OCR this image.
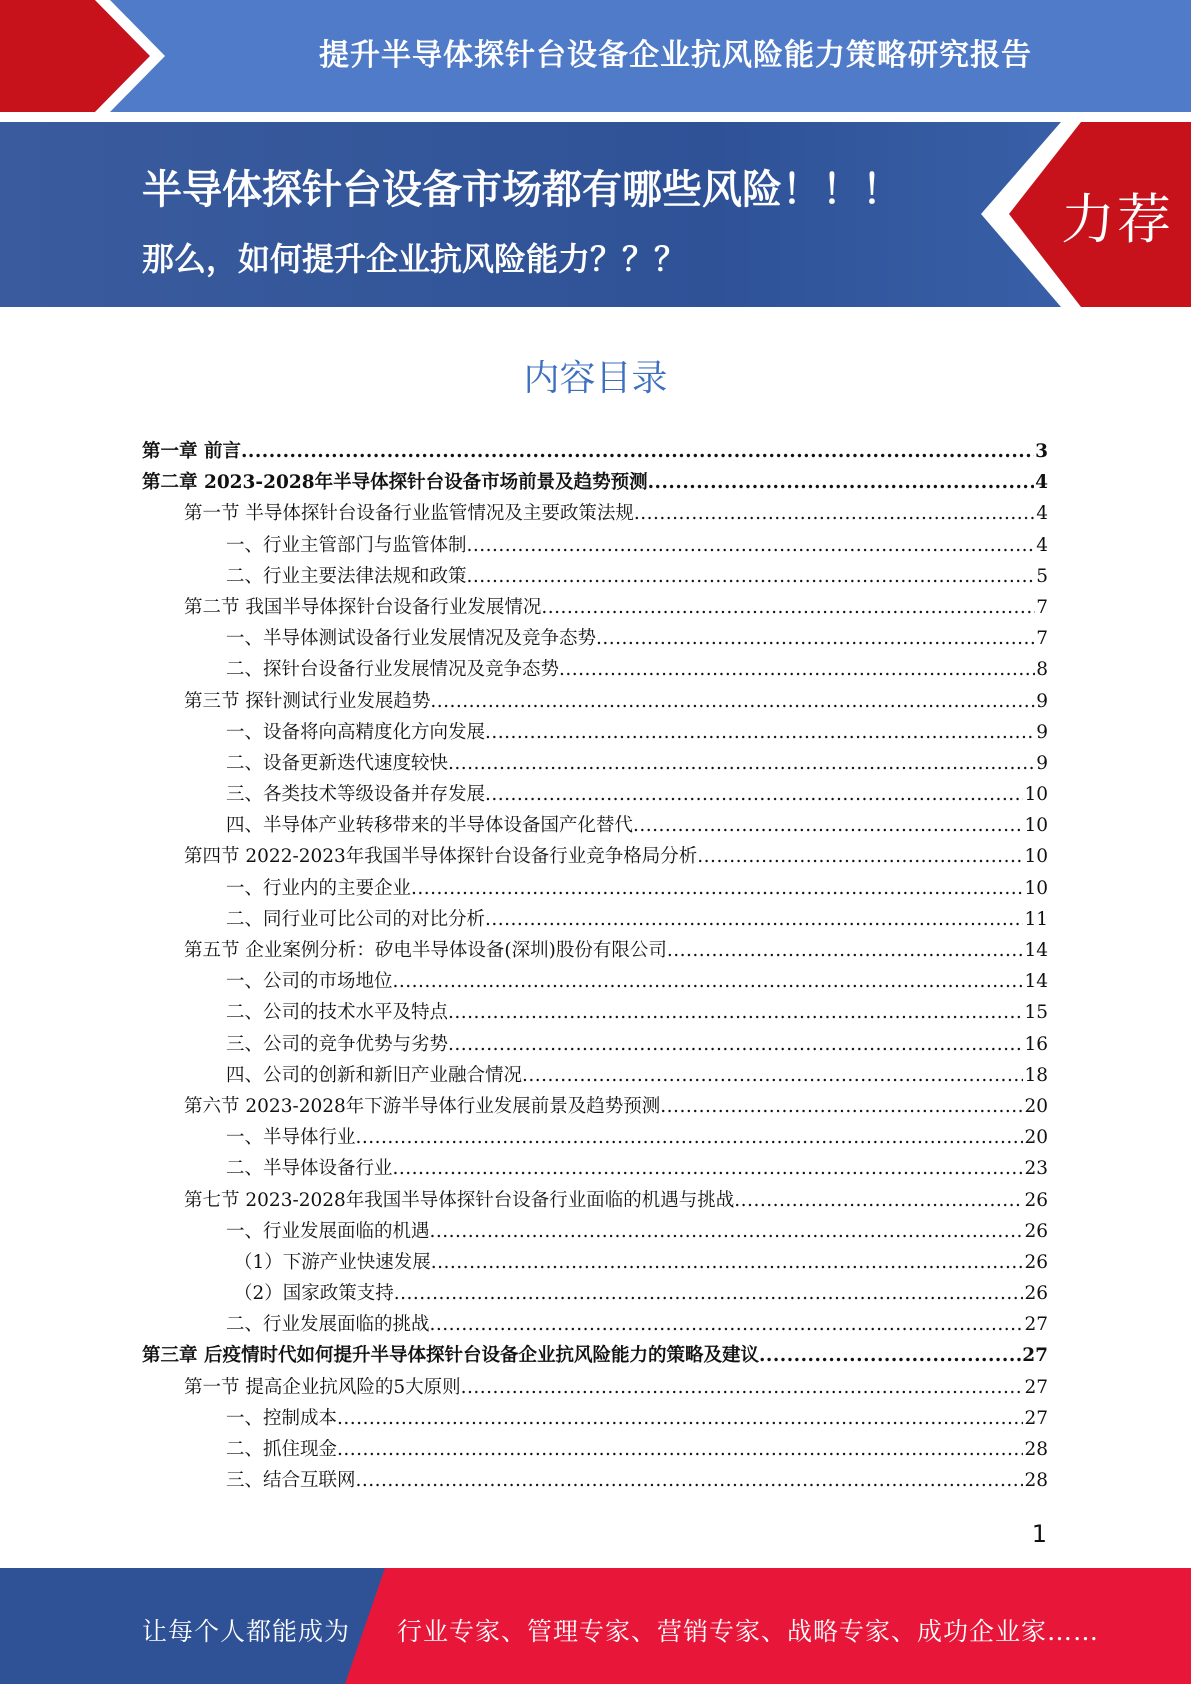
提升半导体探针台设备企业抗风险能力策略研究报告
半导体探针台设备市场都有哪些风险！！！
那么，如何提升企业抗风险能力？？？
力荐
内容目录
第一章 前言 .....	3
第二章 2023-2028年半导体探针台设备市场前景及趋势预测 .....	4
第一节 半导体探针台设备行业监管情况及主要政策法规 .....	4
一、行业主管部门与监管体制 .....	4
二、行业主要法律法规和政策 .....	5
第二节 我国半导体探针台设备行业发展情况 .....	7
一、半导体测试设备行业发展情况及竞争态势 .....	7
二、探针台设备行业发展情况及竞争态势 .....	8
第三节 探针测试行业发展趋势 .....	9
一、设备将向高精度化方向发展 .....	9
二、设备更新迭代速度较快 .....	9
三、各类技术等级设备并存发展 .....	10
四、半导体产业转移带来的半导体设备国产化替代 .....	10
第四节 2022-2023年我国半导体探针台设备行业竞争格局分析 .....	10
一、行业内的主要企业 .....	10
二、同行业可比公司的对比分析 .....	11
第五节 企业案例分析：矽电半导体设备(深圳)股份有限公司 .....	14
一、公司的市场地位 .....	14
二、公司的技术水平及特点 .....	15
三、公司的竞争优势与劣势 .....	16
四、公司的创新和新旧产业融合情况 .....	18
第六节 2023-2028年下游半导体行业发展前景及趋势预测 .....	20
一、半导体行业 .....	20
二、半导体设备行业 .....	23
第七节 2023-2028年我国半导体探针台设备行业面临的机遇与挑战 .....	26
一、行业发展面临的机遇 .....	26
（1）下游产业快速发展 .....	26
（2）国家政策支持 .....	26
二、行业发展面临的挑战 .....	27
第三章 后疫情时代如何提升半导体探针台设备企业抗风险能力的策略及建议 .....	27
第一节 提高企业抗风险的5大原则 .....	27
一、控制成本 .....	27
二、抓住现金 .....	28
三、结合互联网 .....	28
1
让每个人都能成为 行业专家、管理专家、营销专家、战略专家、成功企业家……
